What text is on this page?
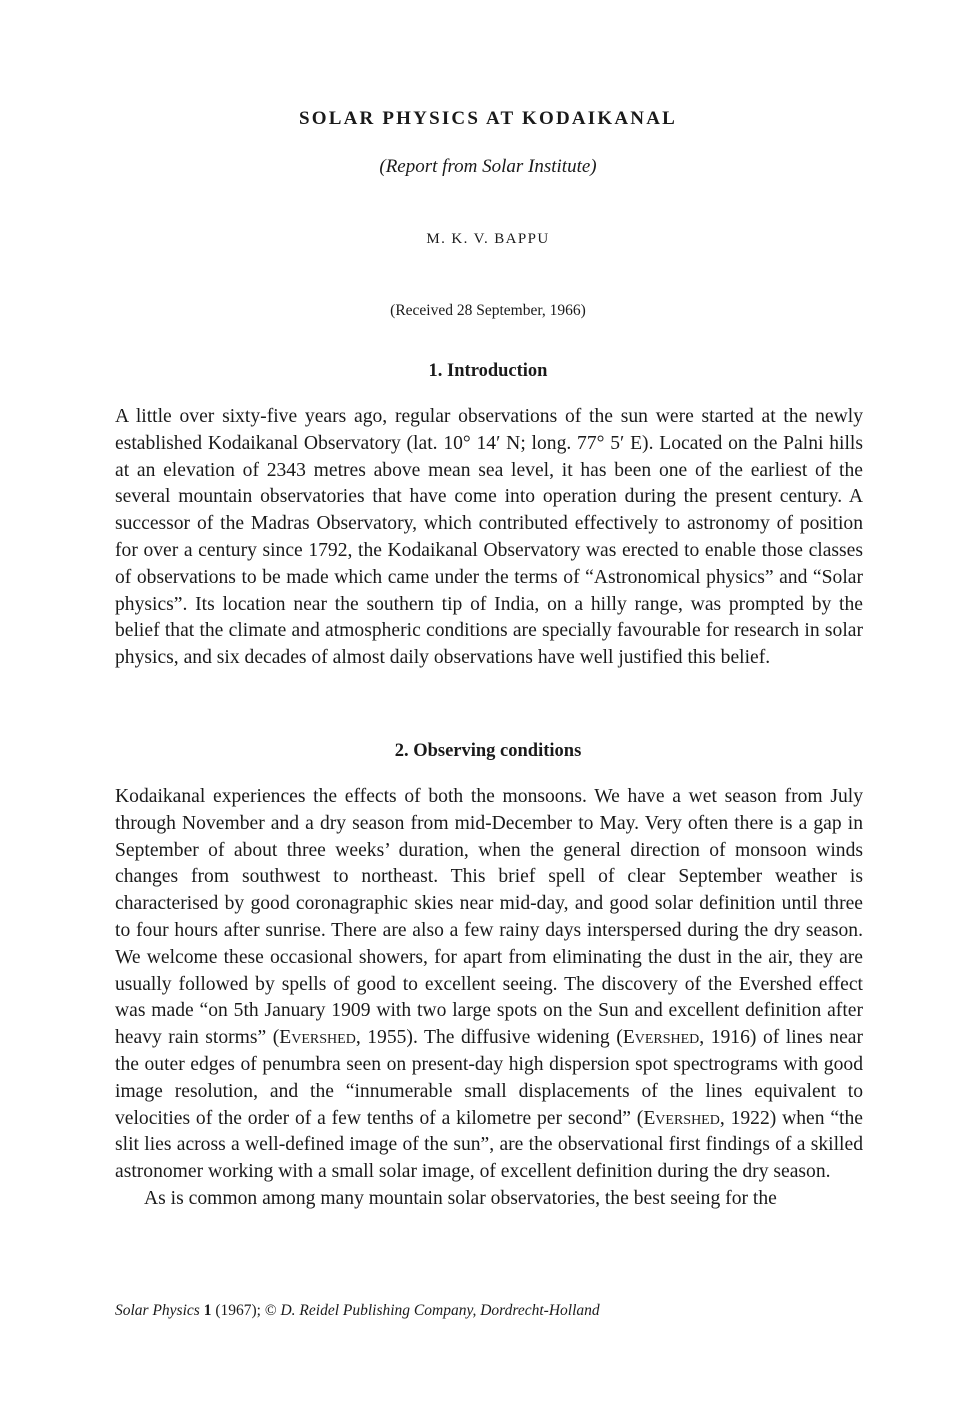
SOLAR PHYSICS AT KODAIKANAL
(Report from Solar Institute)
M. K. V. BAPPU
(Received 28 September, 1966)
1. Introduction

A little over sixty-five years ago, regular observations of the sun were started at the newly established Kodaikanal Observatory (lat. 10° 14′ N; long. 77° 5′ E). Located on the Palni hills at an elevation of 2343 metres above mean sea level, it has been one of the earliest of the several mountain observatories that have come into operation during the present century. A successor of the Madras Observatory, which contributed effectively to astronomy of position for over a century since 1792, the Kodaikanal Observatory was erected to enable those classes of observations to be made which came under the terms of “Astronomical physics” and “Solar physics”. Its location near the southern tip of India, on a hilly range, was prompted by the belief that the climate and atmospheric conditions are specially favourable for research in solar physics, and six decades of almost daily observations have well justified this belief.

2. Observing conditions

Kodaikanal experiences the effects of both the monsoons. We have a wet season from July through November and a dry season from mid-December to May. Very often there is a gap in September of about three weeks’ duration, when the general direction of monsoon winds changes from southwest to northeast. This brief spell of clear September weather is characterised by good coronagraphic skies near mid-day, and good solar definition until three to four hours after sunrise. There are also a few rainy days interspersed during the dry season. We welcome these occasional showers, for apart from eliminating the dust in the air, they are usually followed by spells of good to excellent seeing. The discovery of the Evershed effect was made “on 5th January 1909 with two large spots on the Sun and excellent definition after heavy rain storms” (Evershed, 1955). The diffusive widening (Evershed, 1916) of lines near the outer edges of penumbra seen on present-day high dispersion spot spectrograms with good image resolution, and the “innumerable small displacements of the lines equivalent to velocities of the order of a few tenths of a kilometre per second” (Evershed, 1922) when “the slit lies across a well-defined image of the sun”, are the observational first findings of a skilled astronomer working with a small solar image, of excellent definition during the dry season.

As is common among many mountain solar observatories, the best seeing for the

Solar Physics 1 (1967); © D. Reidel Publishing Company, Dordrecht-Holland
